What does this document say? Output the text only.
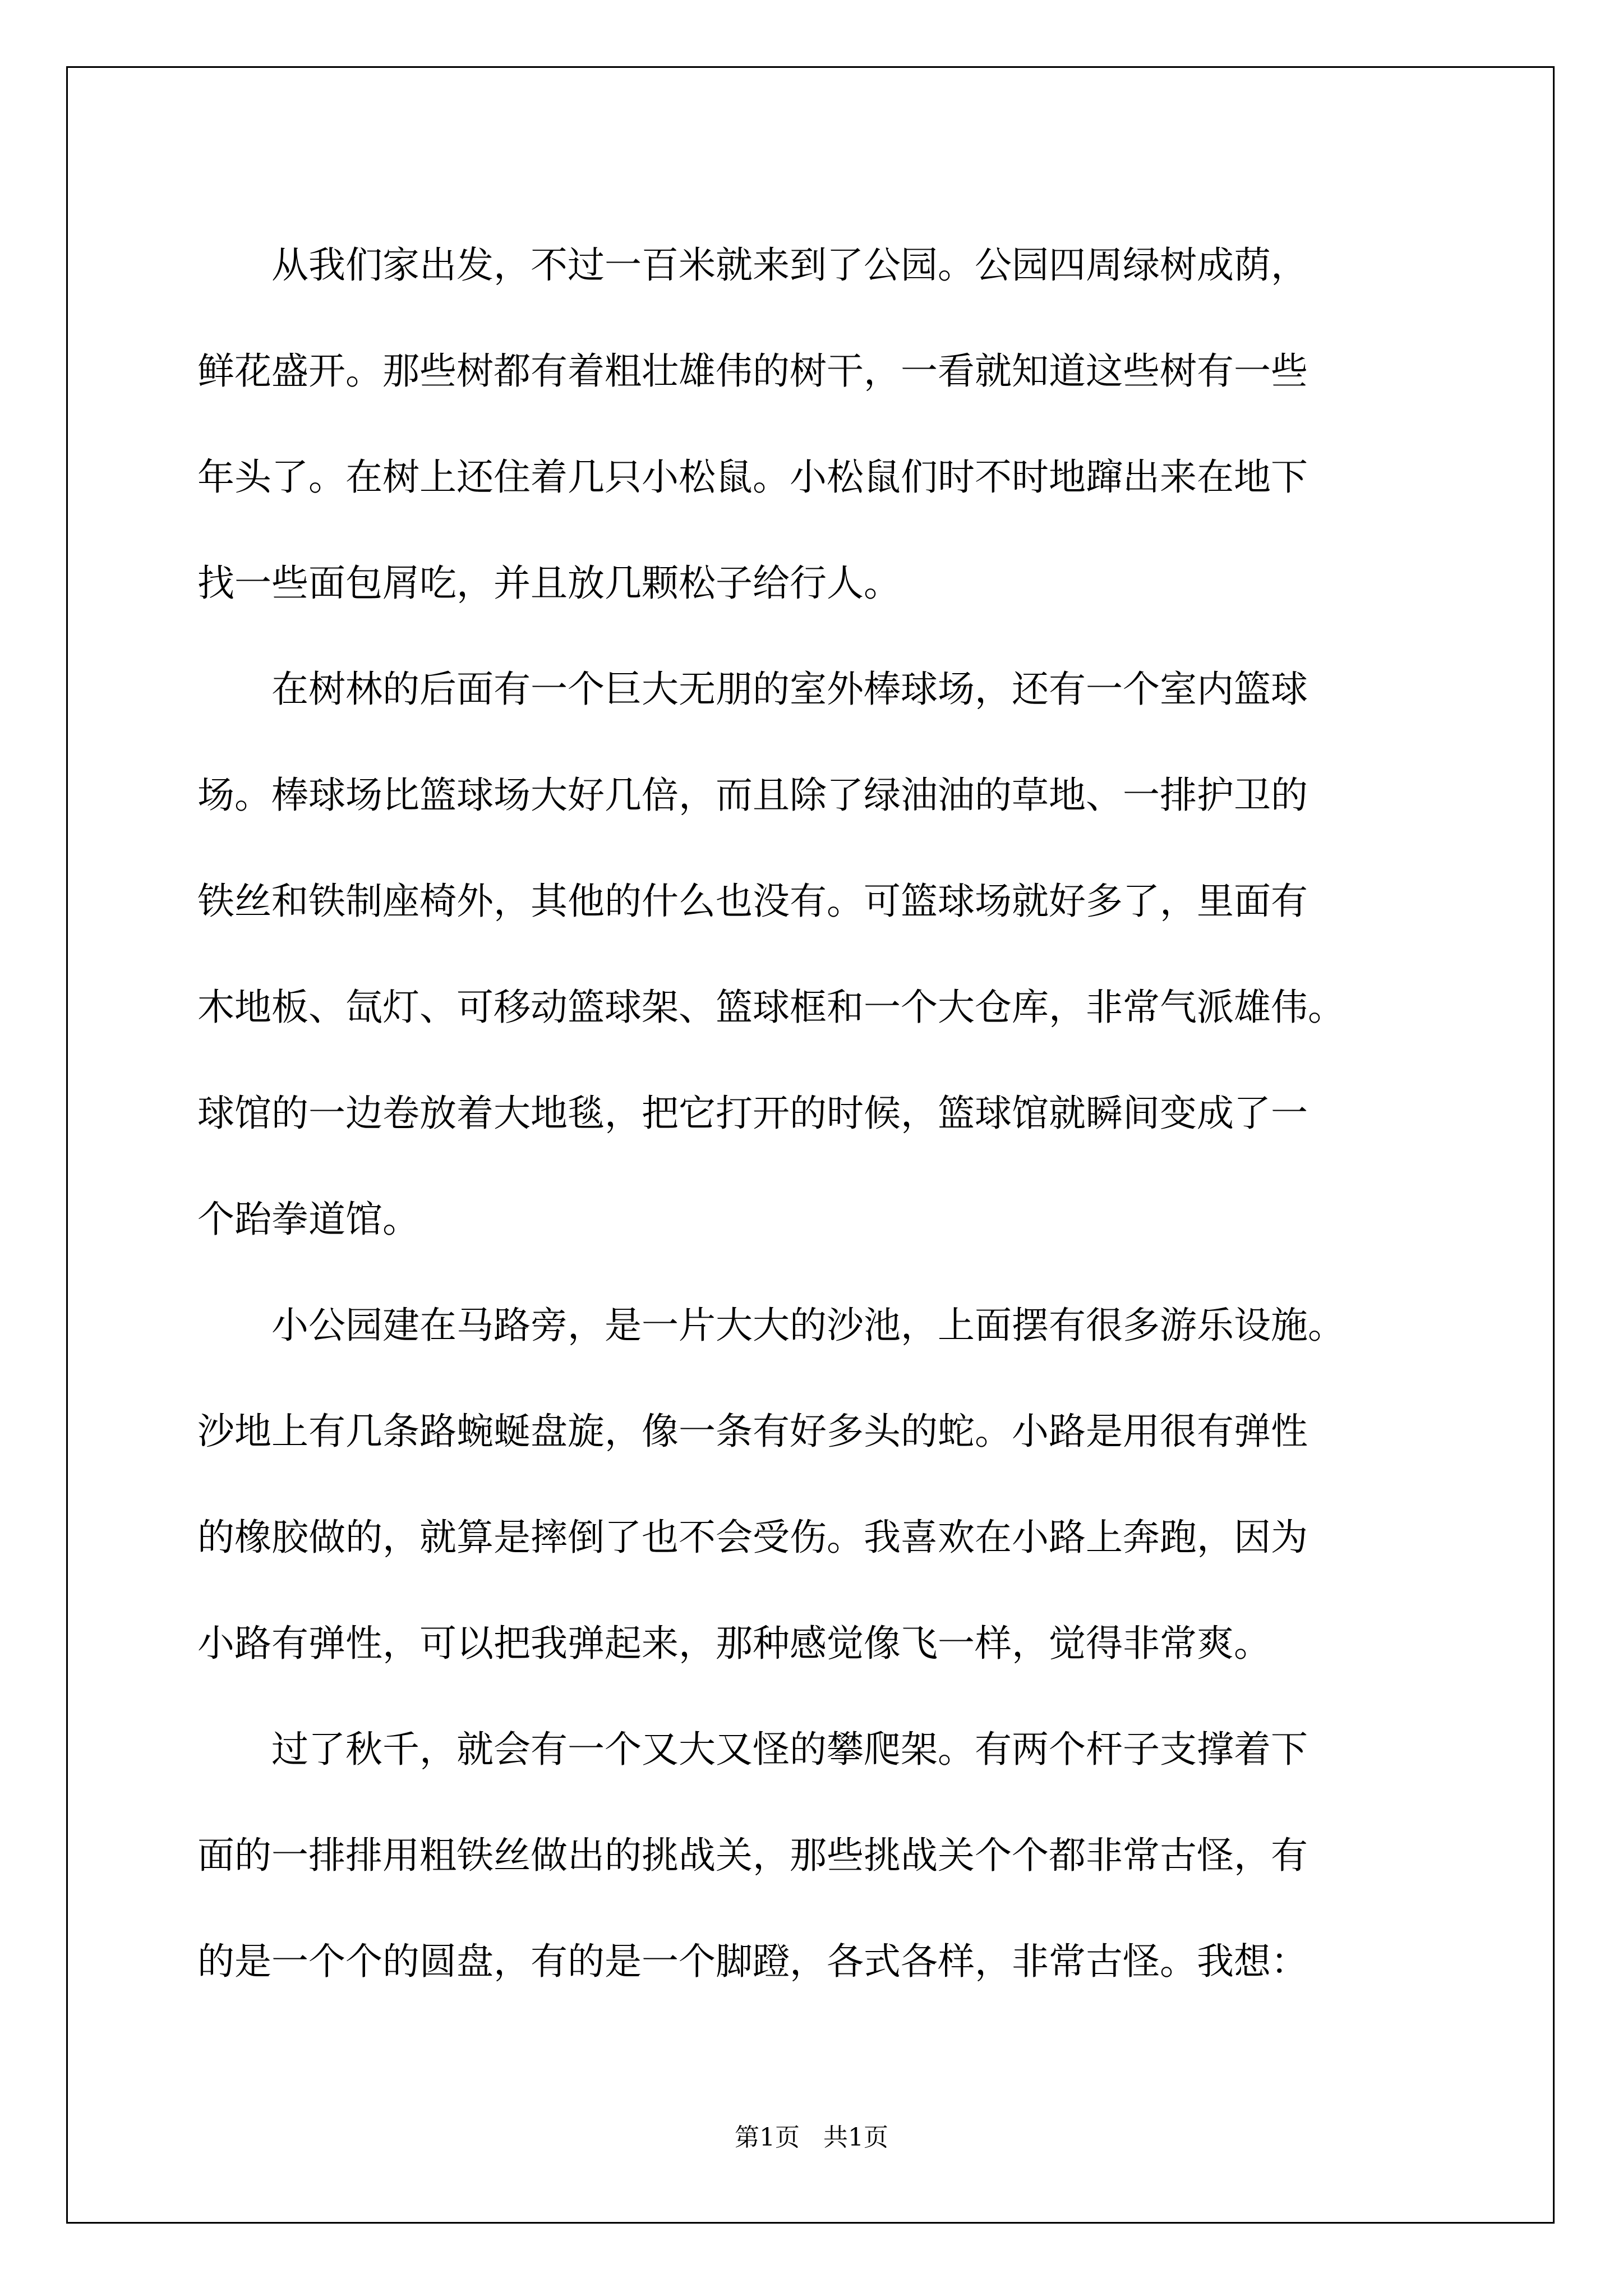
从我们家出发，不过一百米就来到了公园。公园四周绿树成荫，
鲜花盛开。那些树都有着粗壮雄伟的树干，一看就知道这些树有一些
年头了。在树上还住着几只小松鼠。小松鼠们时不时地蹿出来在地下
找一些面包屑吃，并且放几颗松子给行人。
在树林的后面有一个巨大无朋的室外棒球场，还有一个室内篮球
场。棒球场比篮球场大好几倍，而且除了绿油油的草地、一排护卫的
铁丝和铁制座椅外，其他的什么也没有。可篮球场就好多了，里面有
木地板、氙灯、可移动篮球架、篮球框和一个大仓库，非常气派雄伟。
球馆的一边卷放着大地毯，把它打开的时候，篮球馆就瞬间变成了一
个跆拳道馆。
小公园建在马路旁，是一片大大的沙池，上面摆有很多游乐设施。
沙地上有几条路蜿蜒盘旋，像一条有好多头的蛇。小路是用很有弹性
的橡胶做的，就算是摔倒了也不会受伤。我喜欢在小路上奔跑，因为
小路有弹性，可以把我弹起来，那种感觉像飞一样，觉得非常爽。
过了秋千，就会有一个又大又怪的攀爬架。有两个杆子支撑着下
面的一排排用粗铁丝做出的挑战关，那些挑战关个个都非常古怪，有
的是一个个的圆盘，有的是一个脚蹬，各式各样，非常古怪。我想：
第1页   共1页
